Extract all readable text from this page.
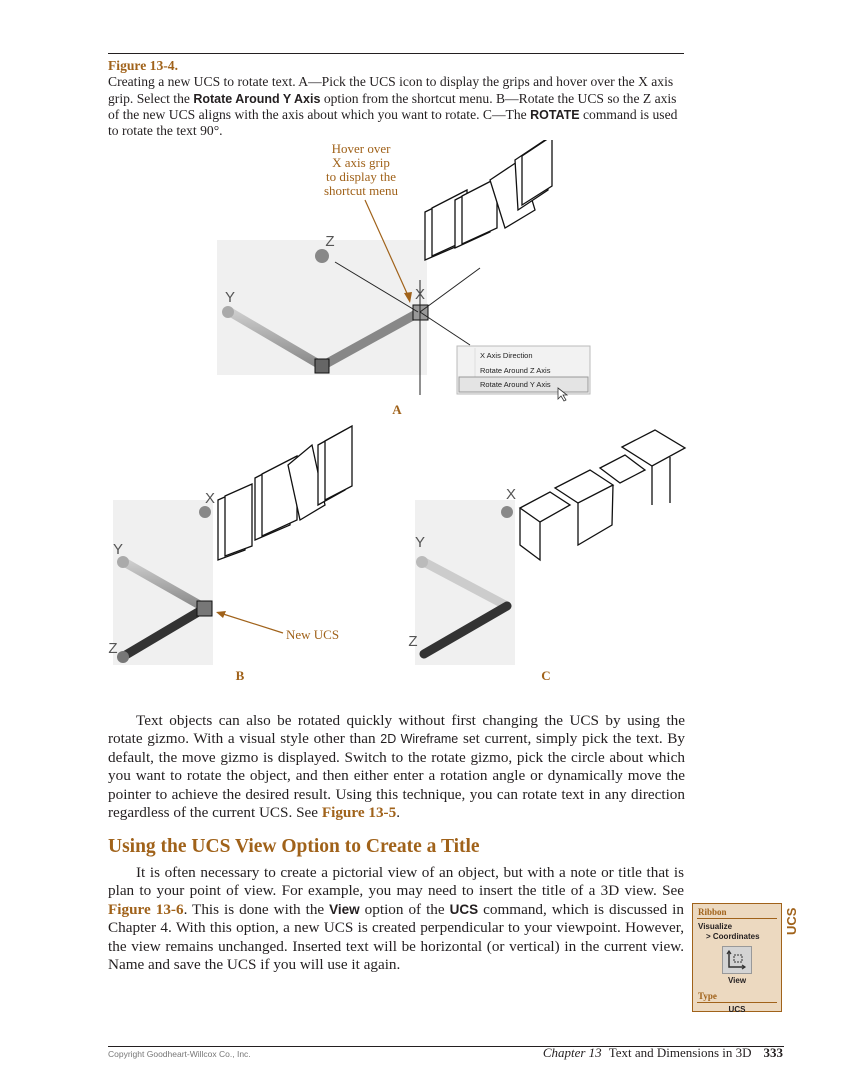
Figure 13-4.
Creating a new UCS to rotate text. A—Pick the UCS icon to display the grips and hover over the X axis grip. Select the Rotate Around Y Axis option from the shortcut menu. B—Rotate the UCS so the Z axis of the new UCS aligns with the axis about which you want to rotate. C—The ROTATE command is used to rotate the text 90°.
Z
Y	X
Hover over
X axis grip
to display the
shortcut menu
X Axis Direction
Rotate Around Z Axis
Rotate Around Y Axis
A
X
Y
Z
New UCS
B
X
Y
Z
C

Text objects can also be rotated quickly without first changing the UCS by using the rotate gizmo. With a visual style other than 2D Wireframe set current, simply pick the text. By default, the move gizmo is displayed. Switch to the rotate gizmo, pick the circle about which you want to rotate the object, and then either enter a rotation angle or dynamically move the pointer to achieve the desired result. Using this technique, you can rotate text in any direction regardless of the current UCS. See Figure 13-5.

Using the UCS View Option to Create a Title

It is often necessary to create a pictorial view of an object, but with a note or title that is plan to your point of view. For example, you may need to insert the title of a 3D view. See Figure 13-6. This is done with the View option of the UCS command, which is discussed in Chapter 4. With this option, a new UCS is created perpendicular to your viewpoint. However, the view remains unchanged. Inserted text will be horizontal (or vertical) in the current view. Name and save the UCS if you will use it again.

Ribbon
Visualize
> Coordinates
View
Type
UCS
UCS
Copyright Goodheart-Willcox Co., Inc.	Chapter 13 Text and Dimensions in 3D 333
